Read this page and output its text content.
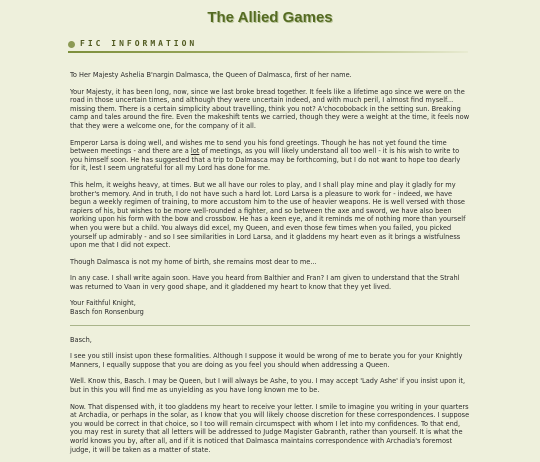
The Allied Games
FIC INFORMATION

To Her Majesty Ashelia B'nargin Dalmasca, the Queen of Dalmasca, first of her name.

Your Majesty, it has been long, now, since we last broke bread together. It feels like a lifetime ago since we were on the road in those uncertain times, and although they were uncertain indeed, and with much peril, I almost find myself... missing them. There is a certain simplicity about travelling, think you not? A'chocoboback in the setting sun. Breaking camp and tales around the fire. Even the makeshift tents we carried, though they were a weight at the time, it feels now that they were a welcome one, for the company of it all.

Emperor Larsa is doing well, and wishes me to send you his fond greetings. Though he has not yet found the time between meetings - and there are a lot of meetings, as you will likely understand all too well - it is his wish to write to you himself soon. He has suggested that a trip to Dalmasca may be forthcoming, but I do not want to hope too dearly for it, lest I seem ungrateful for all my Lord has done for me.

This helm, it weighs heavy, at times. But we all have our roles to play, and I shall play mine and play it gladly for my brother's memory. And in truth, I do not have such a hard lot. Lord Larsa is a pleasure to work for - indeed, we have begun a weekly regimen of training, to more accustom him to the use of heavier weapons. He is well versed with those rapiers of his, but wishes to be more well-rounded a fighter, and so between the axe and sword, we have also been working upon his form with the bow and crossbow. He has a keen eye, and it reminds me of nothing more than yourself when you were but a child. You always did excel, my Queen, and even those few times when you failed, you picked yourself up admirably - and so I see similarities in Lord Larsa, and it gladdens my heart even as it brings a wistfulness upon me that I did not expect.

Though Dalmasca is not my home of birth, she remains most dear to me...

In any case. I shall write again soon. Have you heard from Balthier and Fran? I am given to understand that the Strahl was returned to Vaan in very good shape, and it gladdened my heart to know that they yet lived.

Your Faithful Knight,
Basch fon Ronsenburg

Basch,

I see you still insist upon these formalities. Although I suppose it would be wrong of me to berate you for your Knightly Manners, I equally suppose that you are doing as you feel you should when addressing a Queen.

Well. Know this, Basch. I may be Queen, but I will always be Ashe, to you. I may accept 'Lady Ashe' if you insist upon it, but in this you will find me as unyielding as you have long known me to be.

Now. That dispensed with, it too gladdens my heart to receive your letter. I smile to imagine you writing in your quarters at Archadia, or perhaps in the solar, as I know that you will likely choose discretion for these correspondences. I suppose you would be correct in that choice, so I too will remain circumspect with whom I let into my confidences. To that end, you may rest in surety that all letters will be addressed to Judge Magister Gabranth, rather than yourself. It is what the world knows you by, after all, and if it is noticed that Dalmasca maintains correspondence with Archadia's foremost judge, it will be taken as a matter of state.
